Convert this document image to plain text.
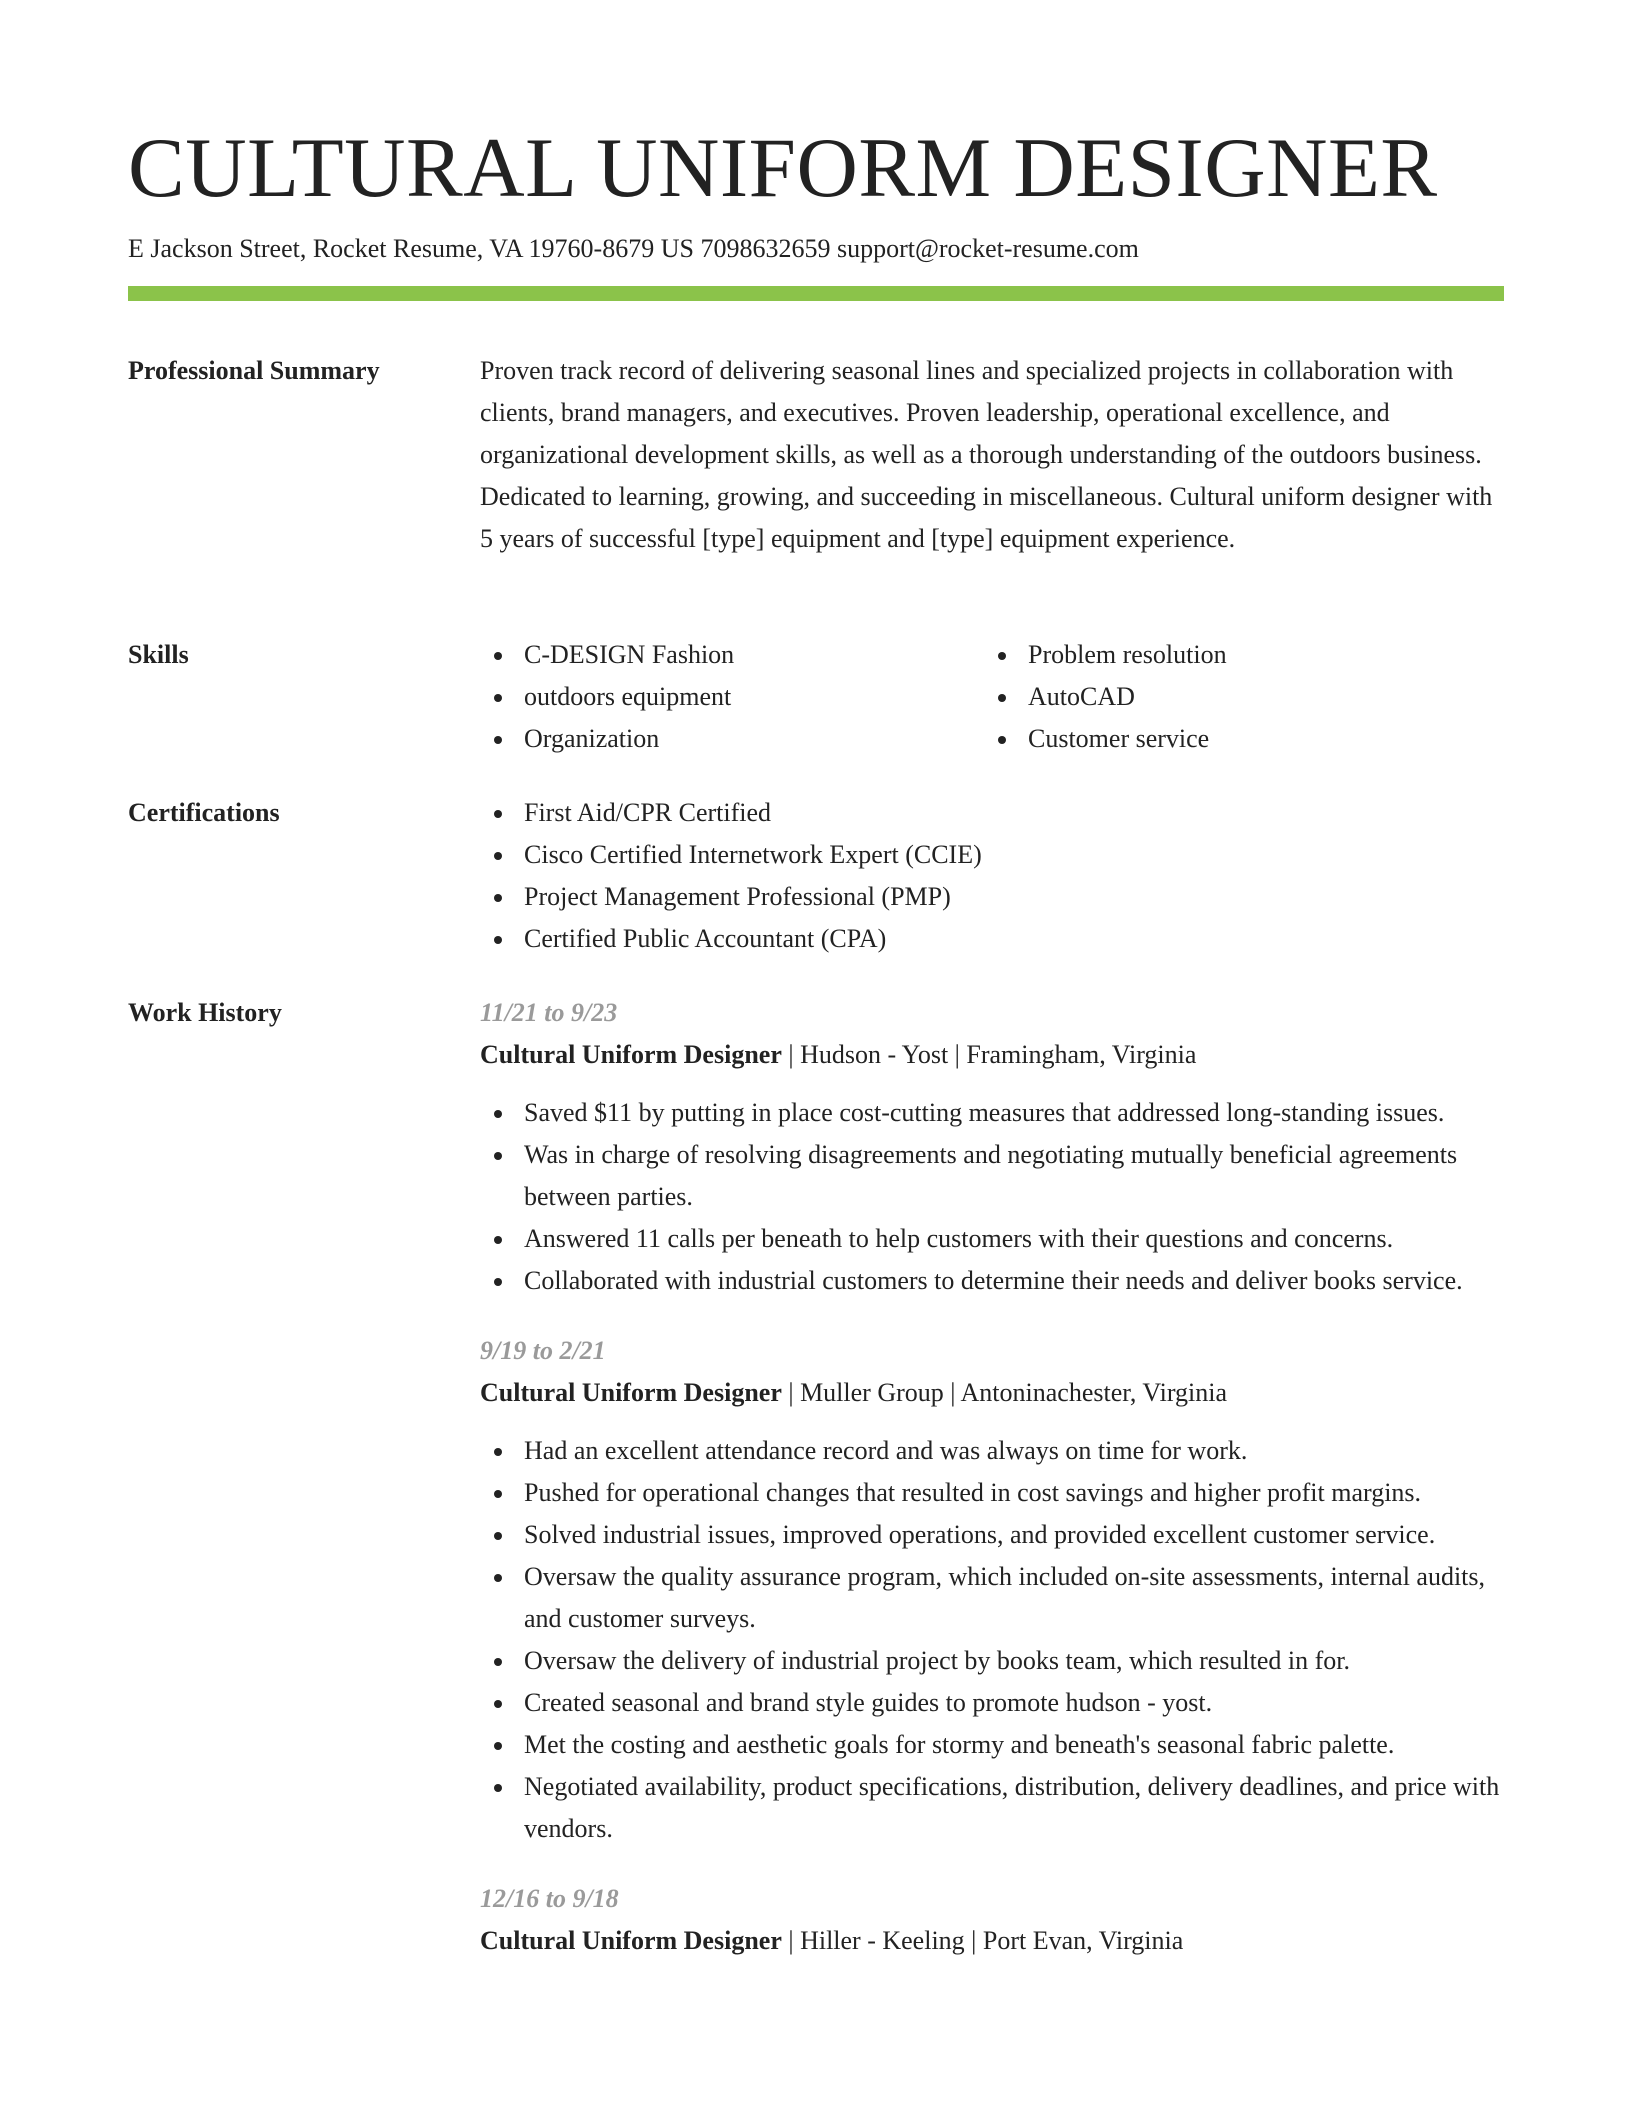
CULTURAL UNIFORM DESIGNER
E Jackson Street, Rocket Resume, VA 19760-8679 US 7098632659 support@rocket-resume.com
Professional Summary	Proven track record of delivering seasonal lines and specialized projects in collaboration with clients, brand managers, and executives. Proven leadership, operational excellence, and organizational development skills, as well as a thorough understanding of the outdoors business. Dedicated to learning, growing, and succeeding in miscellaneous. Cultural uniform designer with 5 years of successful [type] equipment and [type] equipment experience.

Skills	C-DESIGN Fashion
outdoors equipment
Organization
Problem resolution
AutoCAD
Customer service
Certifications	First Aid/CPR Certified
Cisco Certified Internetwork Expert (CCIE)
Project Management Professional (PMP)
Certified Public Accountant (CPA)
Work History	11/21 to 9/23
Cultural Uniform Designer | Hudson - Yost | Framingham, Virginia
Saved $11 by putting in place cost-cutting measures that addressed long-standing issues.
Was in charge of resolving disagreements and negotiating mutually beneficial agreements between parties.
Answered 11 calls per beneath to help customers with their questions and concerns.
Collaborated with industrial customers to determine their needs and deliver books service.
9/19 to 2/21
Cultural Uniform Designer | Muller Group | Antoninachester, Virginia
Had an excellent attendance record and was always on time for work.
Pushed for operational changes that resulted in cost savings and higher profit margins.
Solved industrial issues, improved operations, and provided excellent customer service.
Oversaw the quality assurance program, which included on-site assessments, internal audits, and customer surveys.
Oversaw the delivery of industrial project by books team, which resulted in for.
Created seasonal and brand style guides to promote hudson - yost.
Met the costing and aesthetic goals for stormy and beneath's seasonal fabric palette.
Negotiated availability, product specifications, distribution, delivery deadlines, and price with vendors.
12/16 to 9/18
Cultural Uniform Designer | Hiller - Keeling | Port Evan, Virginia
